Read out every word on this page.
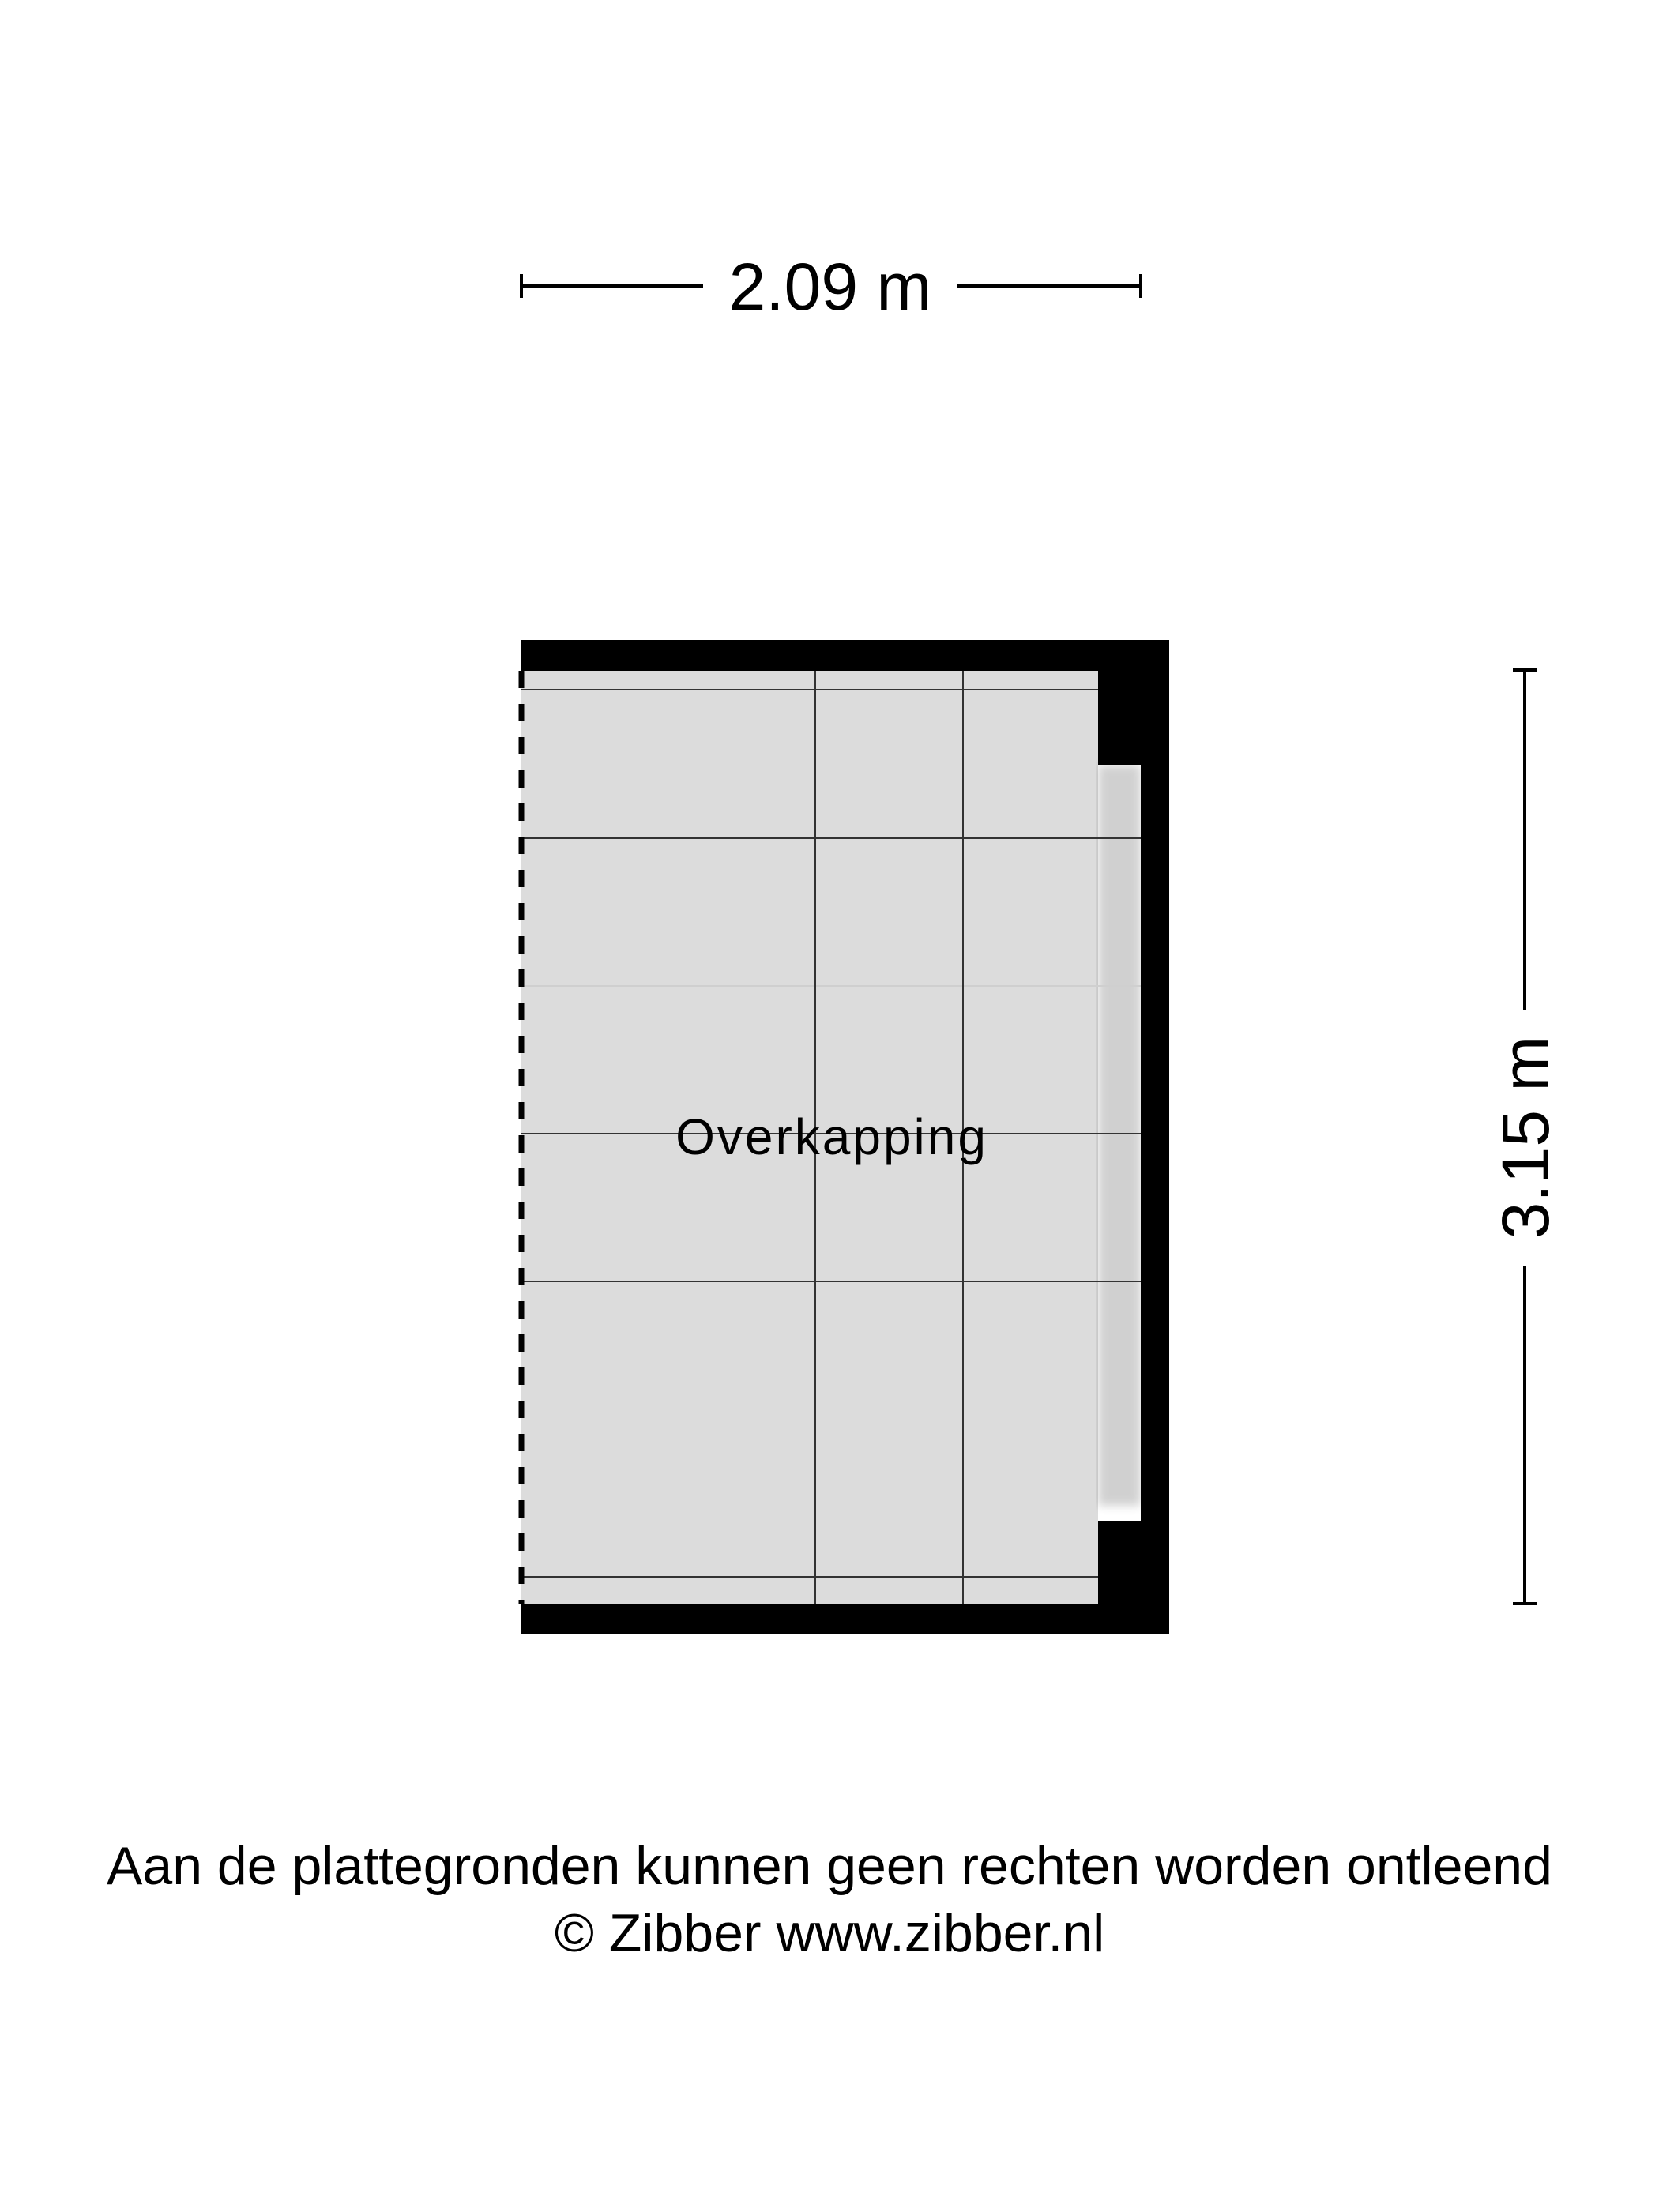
2.09 m
3.15 m
Overkapping
Aan de plattegronden kunnen geen rechten worden ontleend
© Zibber www.zibber.nl
